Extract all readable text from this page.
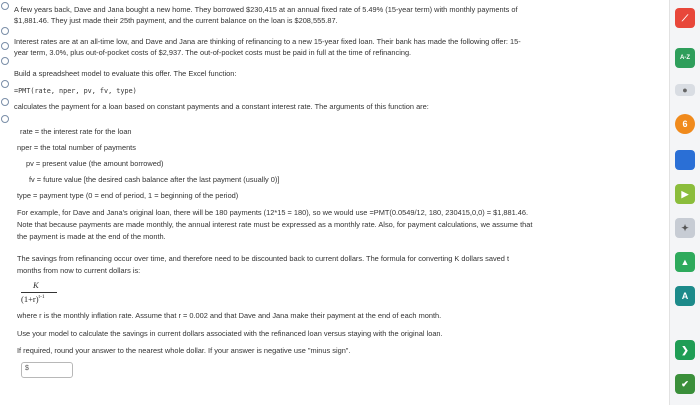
A few years back, Dave and Jana bought a new home. They borrowed $230,415 at an annual fixed rate of 5.49% (15-year term) with monthly payments of
$1,881.46. They just made their 25th payment, and the current balance on the loan is $208,555.87.
Interest rates are at an all-time low, and Dave and Jana are thinking of refinancing to a new 15-year fixed loan. Their bank has made the following offer: 15-
year term, 3.0%, plus out-of-pocket costs of $2,937. The out-of-pocket costs must be paid in full at the time of refinancing.
Build a spreadsheet model to evaluate this offer. The Excel function:
=PMT(rate, nper, pv, fv, type)
calculates the payment for a loan based on constant payments and a constant interest rate. The arguments of this function are:
rate = the interest rate for the loan
nper = the total number of payments
pv = present value (the amount borrowed)
fv = future value [the desired cash balance after the last payment (usually 0)]
type = payment type (0 = end of period, 1 = beginning of the period)
For example, for Dave and Jana's original loan, there will be 180 payments (12*15 = 180), so we would use =PMT(0.0549/12, 180, 230415,0,0) = $1,881.46.
Note that because payments are made monthly, the annual interest rate must be expressed as a monthly rate. Also, for payment calculations, we assume that
the payment is made at the end of the month.
The savings from refinancing occur over time, and therefore need to be discounted back to current dollars. The formula for converting K dollars saved t
months from now to current dollars is:
K
$(1+r)^{t-1}$
where r is the monthly inflation rate. Assume that r = 0.002 and that Dave and Jana make their payment at the end of each month.
Use your model to calculate the savings in current dollars associated with the refinanced loan versus staying with the original loan.
If required, round your answer to the nearest whole dollar. If your answer is negative use "minus sign".
$
⟋
A-Z
●
6
▶
✦
▲
A
❯
✔
